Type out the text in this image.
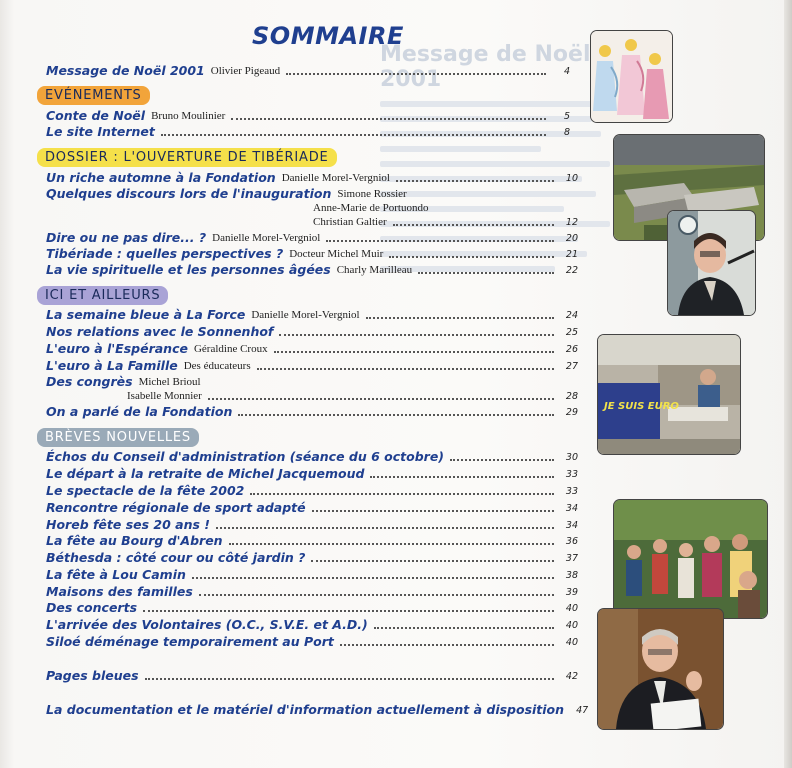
Message de Noël 2001
SOMMAIRE
EVÉNEMENTS
DOSSIER : L'OUVERTURE DE TIBÉRIADE
ICI ET AILLEURS
BRÈVES NOUVELLES
Message de Noël 2001 Olivier Pigeaud	4
Conte de Noël Bruno Moulinier	5
Le site Internet	8
Un riche automne à la Fondation Danielle Morel-Vergniol	10
Quelques discours lors de l'inauguration Simone Rossier
Anne-Marie de Portuondo
Christian Galtier	12
Dire ou ne pas dire... ? Danielle Morel-Vergniol	20
Tibériade : quelles perspectives ? Docteur Michel Muir	21
La vie spirituelle et les personnes âgées Charly Marilleau	22
La semaine bleue à La Force Danielle Morel-Vergniol	24
Nos relations avec le Sonnenhof	25
L'euro à l'Espérance Géraldine Croux	26
L'euro à La Famille Des éducateurs	27
Des congrès Michel Brioul
Isabelle Monnier	28
On a parlé de la Fondation	29
Échos du Conseil d'administration (séance du 6 octobre)	30
Le départ à la retraite de Michel Jacquemoud	33
Le spectacle de la fête 2002	33
Rencontre régionale de sport adapté	34
Horeb fête ses 20 ans !	34
La fête au Bourg d'Abren	36
Béthesda : côté cour ou côté jardin ?	37
La fête à Lou Camin	38
Maisons des familles	39
Des concerts	40
L'arrivée des Volontaires (O.C., S.V.E. et A.D.)	40
Siloé déménage temporairement au Port	40
Pages bleues	42
La documentation et le matériel d'information actuellement à disposition 47
JE SUIS EURO
